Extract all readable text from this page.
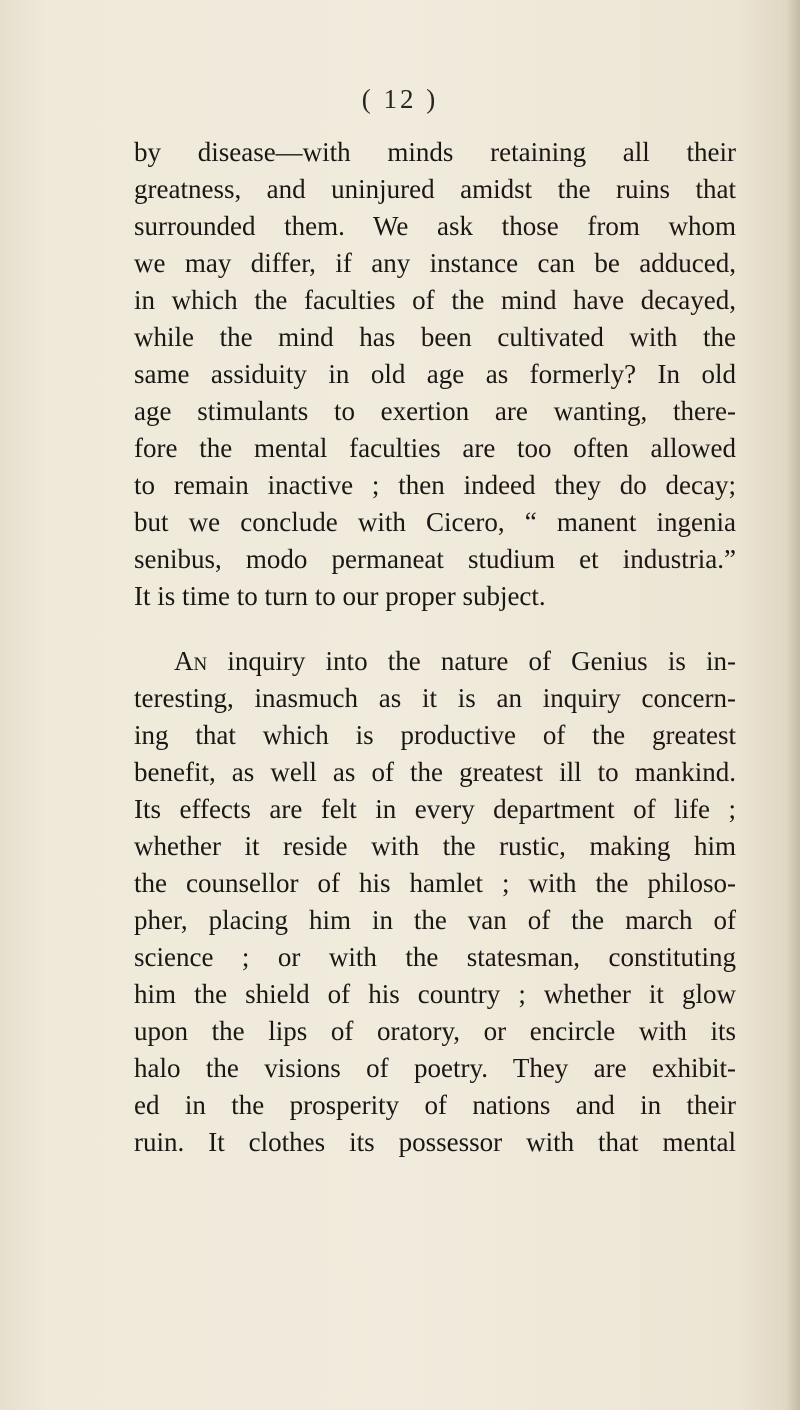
( 12 )
by disease—with minds retaining all their
greatness, and uninjured amidst the ruins that
surrounded them. We ask those from whom
we may differ, if any instance can be adduced,
in which the faculties of the mind have decayed,
while the mind has been cultivated with the
same assiduity in old age as formerly? In old
age stimulants to exertion are wanting, there-
fore the mental faculties are too often allowed
to remain inactive ; then indeed they do decay;
but we conclude with Cicero, “ manent ingenia
senibus, modo permaneat studium et industria.”
It is time to turn to our proper subject.
An inquiry into the nature of Genius is in-
teresting, inasmuch as it is an inquiry concern-
ing that which is productive of the greatest
benefit, as well as of the greatest ill to mankind.
Its effects are felt in every department of life ;
whether it reside with the rustic, making him
the counsellor of his hamlet ; with the philoso-
pher, placing him in the van of the march of
science ; or with the statesman, constituting
him the shield of his country ; whether it glow
upon the lips of oratory, or encircle with its
halo the visions of poetry. They are exhibit-
ed in the prosperity of nations and in their
ruin. It clothes its possessor with that mental
